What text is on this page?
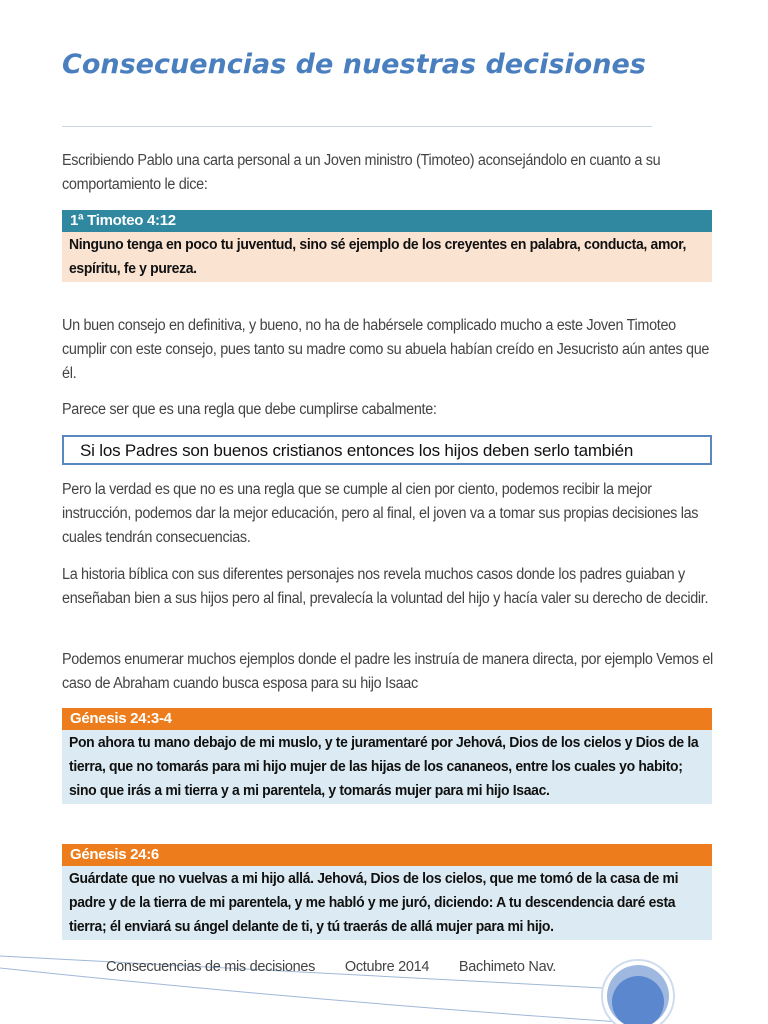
Consecuencias de nuestras decisiones

Escribiendo Pablo una carta personal a un Joven ministro (Timoteo) aconsejándolo en cuanto a su comportamiento le dice:

1ª Timoteo 4:12
Ninguno tenga en poco tu juventud, sino sé ejemplo de los creyentes en palabra, conducta, amor, espíritu, fe y pureza.

Un buen consejo en definitiva, y bueno, no ha de habérsele complicado mucho a este Joven Timoteo cumplir con este consejo, pues tanto su madre como su abuela habían creído en Jesucristo aún antes que él.

Parece ser que es una regla que debe cumplirse cabalmente:

Si los Padres son buenos cristianos entonces los hijos deben serlo también

Pero la verdad es que no es una regla que se cumple al cien por ciento, podemos recibir la mejor instrucción, podemos dar la mejor educación, pero al final, el joven va a tomar sus propias decisiones las cuales tendrán consecuencias.

La historia bíblica con sus diferentes personajes nos revela muchos casos donde los padres guiaban y enseñaban bien a sus hijos pero al final, prevalecía la voluntad del hijo y hacía valer su derecho de decidir.

Podemos enumerar muchos ejemplos donde el padre les instruía de manera directa, por ejemplo Vemos el caso de Abraham cuando busca esposa para su hijo Isaac

Génesis 24:3-4
Pon ahora tu mano debajo de mi muslo, y te juramentaré por Jehová, Dios de los cielos y Dios de la tierra, que no tomarás para mi hijo mujer de las hijas de los cananeos, entre los cuales yo habito; sino que irás a mi tierra y a mi parentela, y tomarás mujer para mi hijo Isaac.
Génesis 24:6
Guárdate que no vuelvas a mi hijo allá. Jehová, Dios de los cielos, que me tomó de la casa de mi padre y de la tierra de mi parentela, y me habló y me juró, diciendo: A tu descendencia daré esta tierra; él enviará su ángel delante de ti, y tú traerás de allá mujer para mi hijo.
Consecuencias de mis decisiones Octubre 2014 Bachimeto Nav.
